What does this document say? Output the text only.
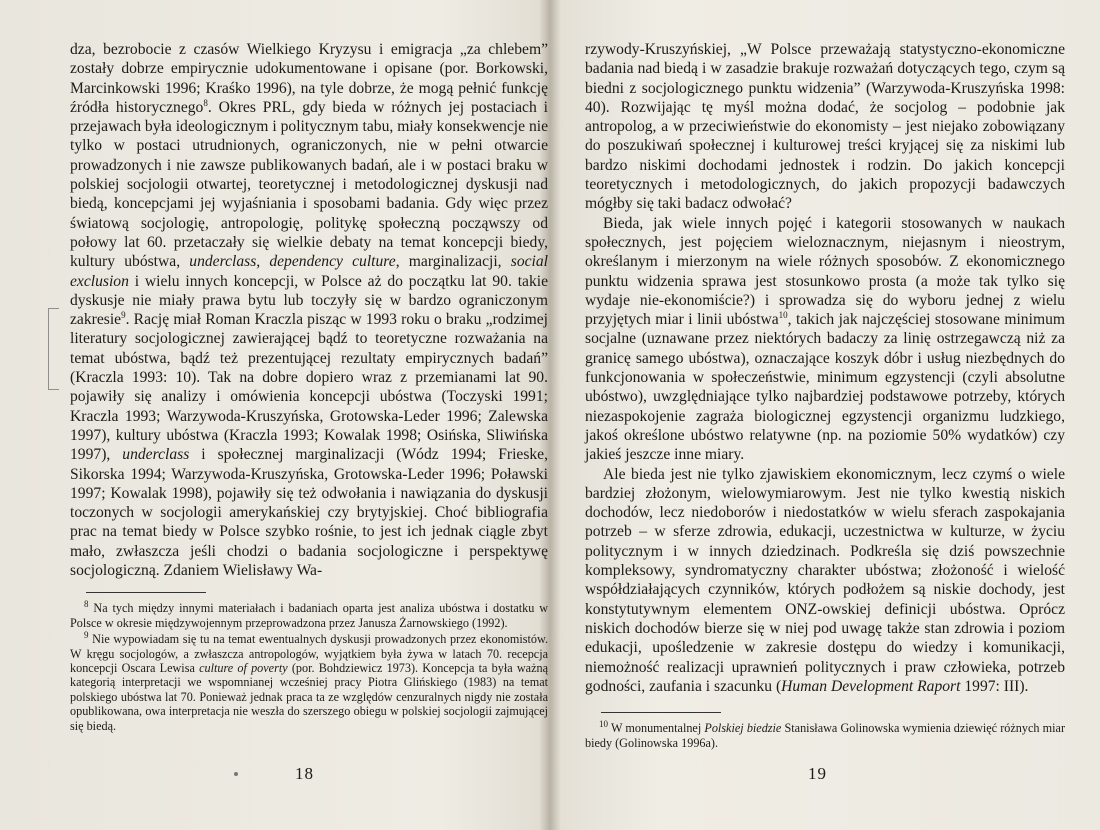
dza, bezrobocie z czasów Wielkiego Kryzysu i emigracja „za chlebem” zostały dobrze empirycznie udokumentowane i opisane (por. Borkowski, Marcinkowski 1996; Kraśko 1996), na tyle dobrze, że mogą pełnić funkcję źródła historycznego$^8$. Okres PRL, gdy bieda w różnych jej postaciach i przejawach była ideologicznym i politycznym tabu, miały konsekwencje nie tylko w postaci utrudnionych, ograniczonych, nie w pełni otwarcie prowadzonych i nie zawsze publikowanych badań, ale i w postaci braku w polskiej socjologii otwartej, teoretycznej i metodologicznej dyskusji nad biedą, koncepcjami jej wyjaśniania i sposobami badania. Gdy więc przez światową socjologię, antropologię, politykę społeczną począwszy od połowy lat 60. przetaczały się wielkie debaty na temat koncepcji biedy, kultury ubóstwa, underclass, dependency culture, marginalizacji, social exclusion i wielu innych koncepcji, w Polsce aż do początku lat 90. takie dyskusje nie miały prawa bytu lub toczyły się w bardzo ograniczonym zakresie$^9$. Rację miał Roman Kraczla pisząc w 1993 roku o braku „rodzimej literatury socjologicznej zawierającej bądź to teoretyczne rozważania na temat ubóstwa, bądź też prezentującej rezultaty empirycznych badań” (Kraczla 1993: 10). Tak na dobre dopiero wraz z przemianami lat 90. pojawiły się analizy i omówienia koncepcji ubóstwa (Toczyski 1991; Kraczla 1993; Warzywoda-Kruszyńska, Grotowska-Leder 1996; Zalewska 1997), kultury ubóstwa (Kraczla 1993; Kowalak 1998; Osińska, Sliwińska 1997), underclass i społecznej marginalizacji (Wódz 1994; Frieske, Sikorska 1994; Warzywoda-Kruszyńska, Grotowska-Leder 1996; Poławski 1997; Kowalak 1998), pojawiły się też odwołania i nawiązania do dyskusji toczonych w socjologii amerykańskiej czy brytyjskiej. Choć bibliografia prac na temat biedy w Polsce szybko rośnie, to jest ich jednak ciągle zbyt mało, zwłaszcza jeśli chodzi o badania socjologiczne i perspektywę socjologiczną. Zdaniem Wielisławy Wa-

$^8$ Na tych między innymi materiałach i badaniach oparta jest analiza ubóstwa i dostatku w Polsce w okresie międzywojennym przeprowadzona przez Janusza Żarnowskiego (1992).

$^9$ Nie wypowiadam się tu na temat ewentualnych dyskusji prowadzonych przez ekonomistów. W kręgu socjologów, a zwłaszcza antropologów, wyjątkiem była żywa w latach 70. recepcja koncepcji Oscara Lewisa culture of poverty (por. Bohdziewicz 1973). Koncepcja ta była ważną kategorią interpretacji we wspomnianej wcześniej pracy Piotra Glińskiego (1983) na temat polskiego ubóstwa lat 70. Ponieważ jednak praca ta ze względów cenzuralnych nigdy nie została opublikowana, owa interpretacja nie weszła do szerszego obiegu w polskiej socjologii zajmującej się biedą.

18

rzywody-Kruszyńskiej, „W Polsce przeważają statystyczno-ekonomiczne badania nad biedą i w zasadzie brakuje rozważań dotyczących tego, czym są biedni z socjologicznego punktu widzenia” (Warzywoda-Kruszyńska 1998: 40). Rozwijając tę myśl można dodać, że socjolog – podobnie jak antropolog, a w przeciwieństwie do ekonomisty – jest niejako zobowiązany do poszukiwań społecznej i kulturowej treści kryjącej się za niskimi lub bardzo niskimi dochodami jednostek i rodzin. Do jakich koncepcji teoretycznych i metodologicznych, do jakich propozycji badawczych mógłby się taki badacz odwołać?

Bieda, jak wiele innych pojęć i kategorii stosowanych w naukach społecznych, jest pojęciem wieloznacznym, niejasnym i nieostrym, określanym i mierzonym na wiele różnych sposobów. Z ekonomicznego punktu widzenia sprawa jest stosunkowo prosta (a może tak tylko się wydaje nie-ekonomiście?) i sprowadza się do wyboru jednej z wielu przyjętych miar i linii ubóstwa$^{10}$, takich jak najczęściej stosowane minimum socjalne (uznawane przez niektórych badaczy za linię ostrzegawczą niż za granicę samego ubóstwa), oznaczające koszyk dóbr i usług niezbędnych do funkcjonowania w społeczeństwie, minimum egzystencji (czyli absolutne ubóstwo), uwzględniające tylko najbardziej podstawowe potrzeby, których niezaspokojenie zagraża biologicznej egzystencji organizmu ludzkiego, jakoś określone ubóstwo relatywne (np. na poziomie 50% wydatków) czy jakieś jeszcze inne miary.

Ale bieda jest nie tylko zjawiskiem ekonomicznym, lecz czymś o wiele bardziej złożonym, wielowymiarowym. Jest nie tylko kwestią niskich dochodów, lecz niedoborów i niedostatków w wielu sferach zaspokajania potrzeb – w sferze zdrowia, edukacji, uczestnictwa w kulturze, w życiu politycznym i w innych dziedzinach. Podkreśla się dziś powszechnie kompleksowy, syndromatyczny charakter ubóstwa; złożoność i wielość współdziałających czynników, których podłożem są niskie dochody, jest konstytutywnym elementem ONZ-owskiej definicji ubóstwa. Oprócz niskich dochodów bierze się w niej pod uwagę także stan zdrowia i poziom edukacji, upośledzenie w zakresie dostępu do wiedzy i komunikacji, niemożność realizacji uprawnień politycznych i praw człowieka, potrzeb godności, zaufania i szacunku (Human Development Raport 1997: III).

$^{10}$ W monumentalnej Polskiej biedzie Stanisława Golinowska wymienia dziewięć różnych miar biedy (Golinowska 1996a).

19
